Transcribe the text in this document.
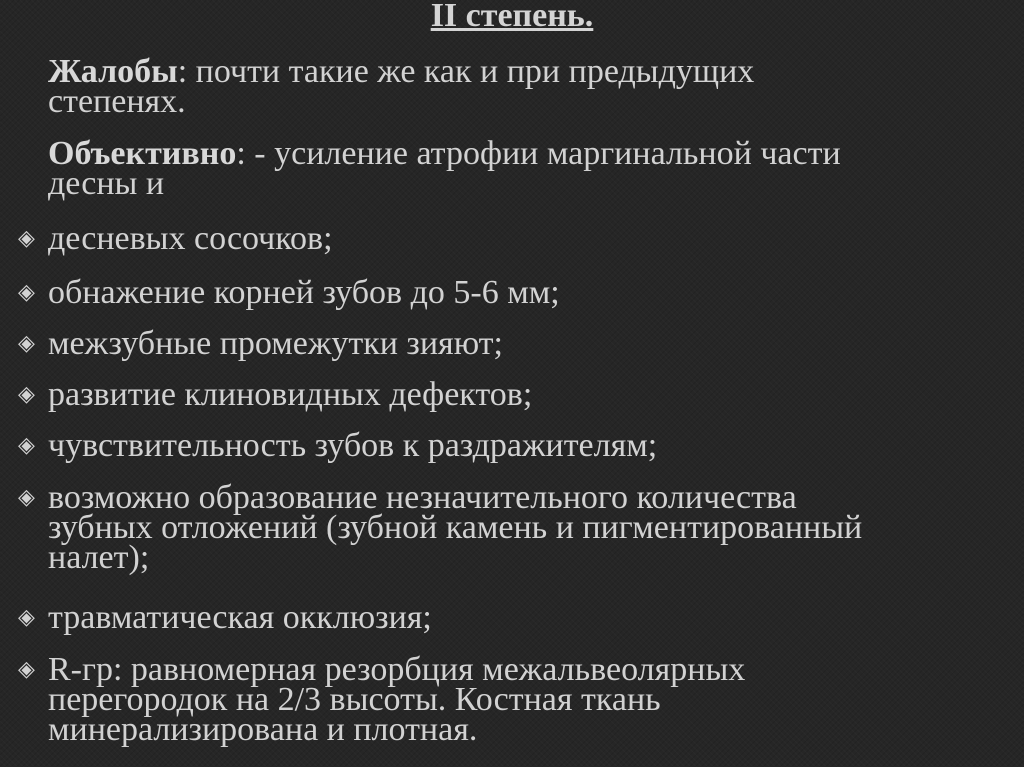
II степень.

Жалобы: почти такие же как и при предыдущих
степенях.

Объективно: - усиление атрофии маргинальной части
десны и

◈ десневых сосочков;
◈ обнажение корней зубов до 5-6 мм;
◈ межзубные промежутки зияют;
◈ развитие клиновидных дефектов;
◈ чувствительность зубов к раздражителям;
◈ возможно образование незначительного количества
зубных отложений (зубной камень и пигментированный
налет);
◈ травматическая окклюзия;
◈ R-гр: равномерная резорбция межальвеолярных
перегородок на 2/3 высоты. Костная ткань
минерализирована и плотная.
